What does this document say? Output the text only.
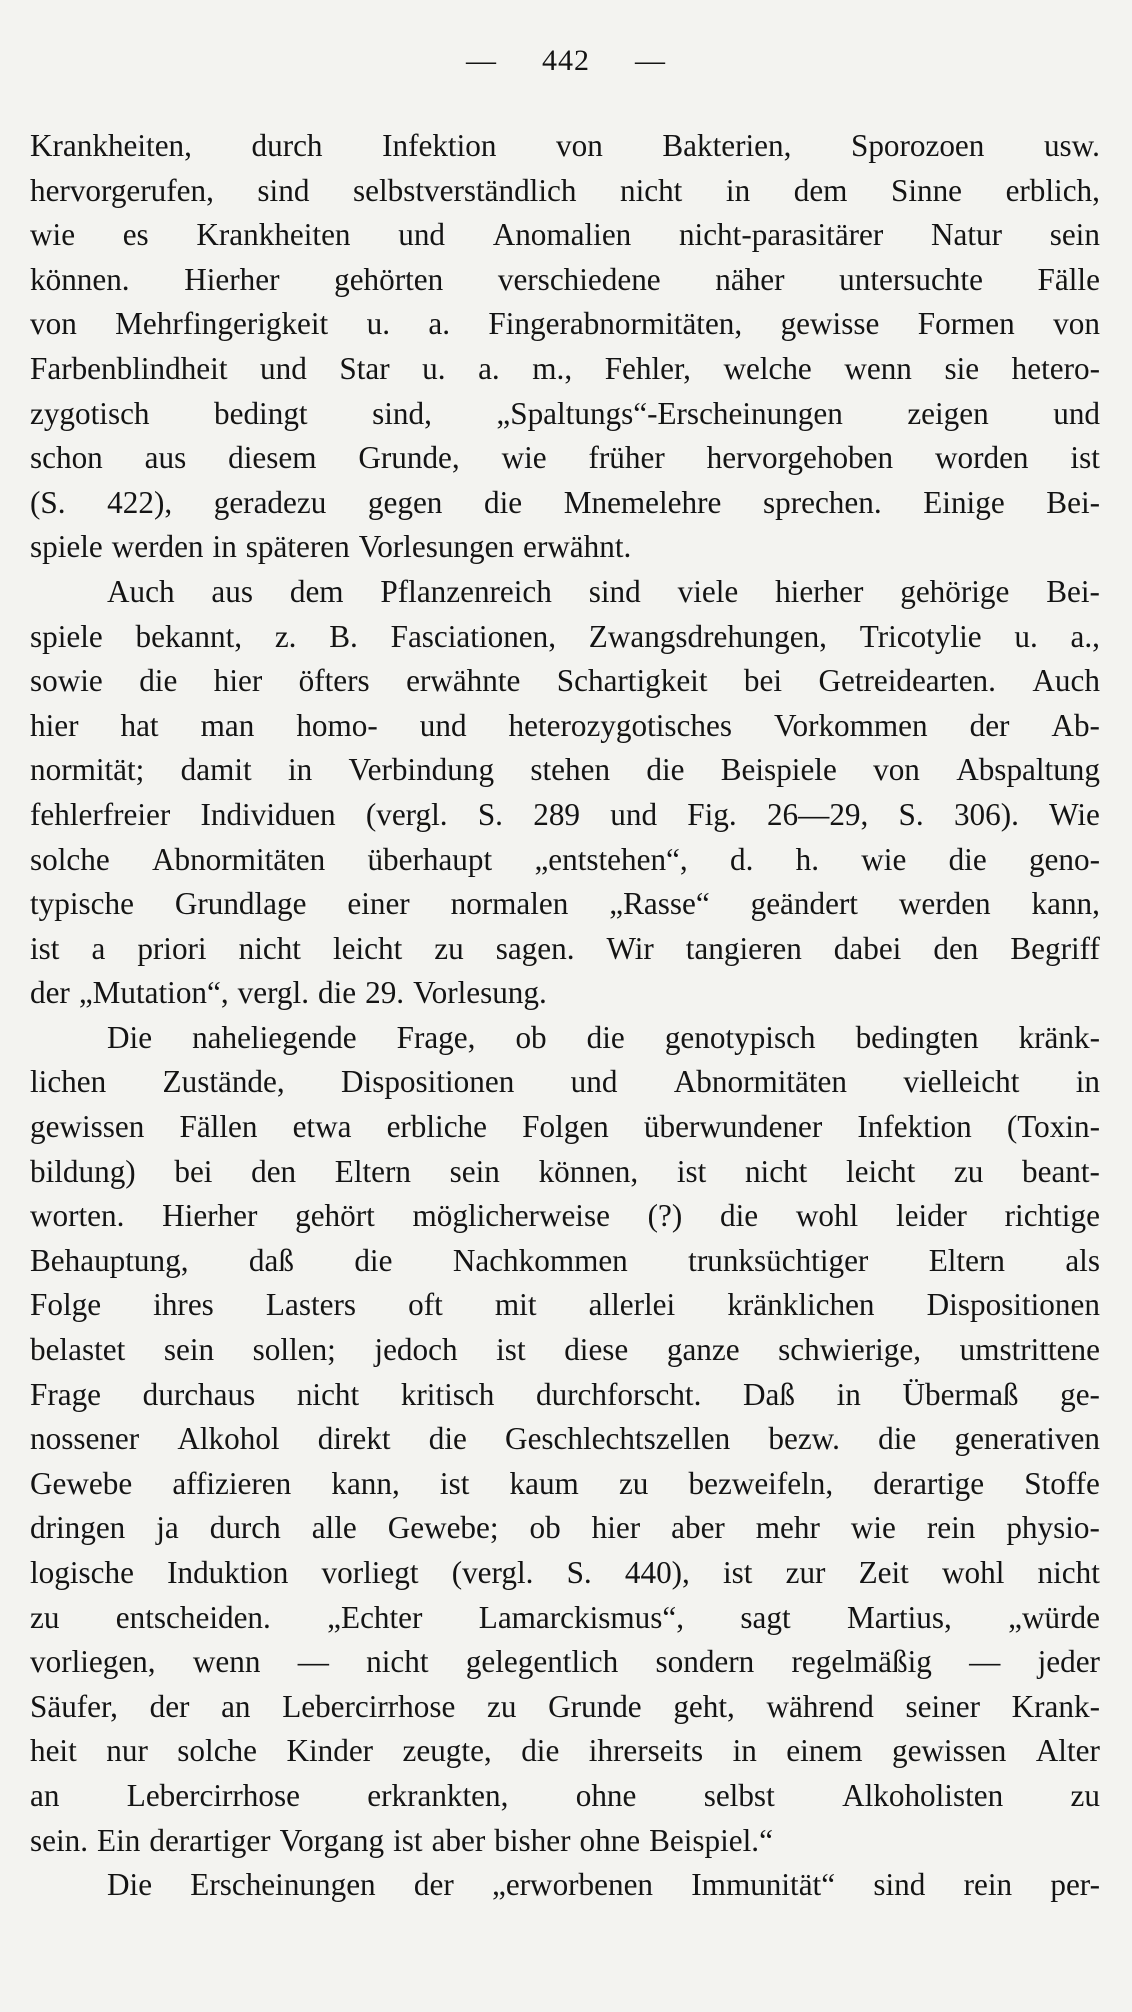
— 442 —
Krankheiten, durch Infektion von Bakterien, Sporozoen usw.
hervorgerufen, sind selbstverständlich nicht in dem Sinne erblich,
wie es Krankheiten und Anomalien nicht-parasitärer Natur sein
können. Hierher gehörten verschiedene näher untersuchte Fälle
von Mehrfingerigkeit u. a. Fingerabnormitäten, gewisse Formen von
Farbenblindheit und Star u. a. m., Fehler, welche wenn sie hetero-
zygotisch bedingt sind, „Spaltungs“-Erscheinungen zeigen und
schon aus diesem Grunde, wie früher hervorgehoben worden ist
(S. 422), geradezu gegen die Mnemelehre sprechen. Einige Bei-
spiele werden in späteren Vorlesungen erwähnt.
Auch aus dem Pflanzenreich sind viele hierher gehörige Bei-
spiele bekannt, z. B. Fasciationen, Zwangsdrehungen, Tricotylie u. a.,
sowie die hier öfters erwähnte Schartigkeit bei Getreidearten. Auch
hier hat man homo- und heterozygotisches Vorkommen der Ab-
normität; damit in Verbindung stehen die Beispiele von Abspaltung
fehlerfreier Individuen (vergl. S. 289 und Fig. 26—29, S. 306). Wie
solche Abnormitäten überhaupt „entstehen“, d. h. wie die geno-
typische Grundlage einer normalen „Rasse“ geändert werden kann,
ist a priori nicht leicht zu sagen. Wir tangieren dabei den Begriff
der „Mutation“, vergl. die 29. Vorlesung.
Die naheliegende Frage, ob die genotypisch bedingten kränk-
lichen Zustände, Dispositionen und Abnormitäten vielleicht in
gewissen Fällen etwa erbliche Folgen überwundener Infektion (Toxin-
bildung) bei den Eltern sein können, ist nicht leicht zu beant-
worten. Hierher gehört möglicherweise (?) die wohl leider richtige
Behauptung, daß die Nachkommen trunksüchtiger Eltern als
Folge ihres Lasters oft mit allerlei kränklichen Dispositionen
belastet sein sollen; jedoch ist diese ganze schwierige, umstrittene
Frage durchaus nicht kritisch durchforscht. Daß in Übermaß ge-
nossener Alkohol direkt die Geschlechtszellen bezw. die generativen
Gewebe affizieren kann, ist kaum zu bezweifeln, derartige Stoffe
dringen ja durch alle Gewebe; ob hier aber mehr wie rein physio-
logische Induktion vorliegt (vergl. S. 440), ist zur Zeit wohl nicht
zu entscheiden. „Echter Lamarckismus“, sagt Martius, „würde
vorliegen, wenn — nicht gelegentlich sondern regelmäßig — jeder
Säufer, der an Lebercirrhose zu Grunde geht, während seiner Krank-
heit nur solche Kinder zeugte, die ihrerseits in einem gewissen Alter
an Lebercirrhose erkrankten, ohne selbst Alkoholisten zu
sein. Ein derartiger Vorgang ist aber bisher ohne Beispiel.“
Die Erscheinungen der „erworbenen Immunität“ sind rein per-
